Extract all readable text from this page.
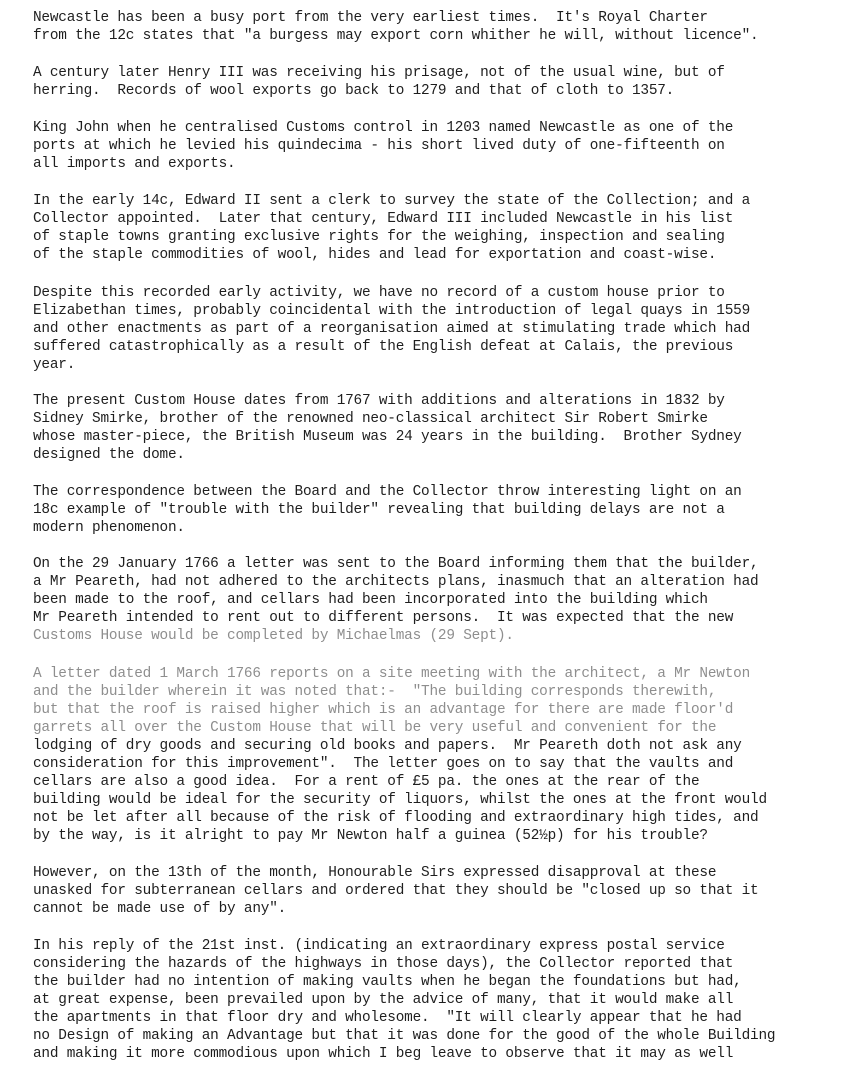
Newcastle has been a busy port from the very earliest times.  It's Royal Charter
from the 12c states that "a burgess may export corn whither he will, without licence".

A century later Henry III was receiving his prisage, not of the usual wine, but of
herring.  Records of wool exports go back to 1279 and that of cloth to 1357.

King John when he centralised Customs control in 1203 named Newcastle as one of the
ports at which he levied his quindecima - his short lived duty of one-fifteenth on
all imports and exports.

In the early 14c, Edward II sent a clerk to survey the state of the Collection; and a
Collector appointed.  Later that century, Edward III included Newcastle in his list
of staple towns granting exclusive rights for the weighing, inspection and sealing
of the staple commodities of wool, hides and lead for exportation and coast-wise.

Despite this recorded early activity, we have no record of a custom house prior to
Elizabethan times, probably coincidental with the introduction of legal quays in 1559
and other enactments as part of a reorganisation aimed at stimulating trade which had
suffered catastrophically as a result of the English defeat at Calais, the previous
year.

The present Custom House dates from 1767 with additions and alterations in 1832 by
Sidney Smirke, brother of the renowned neo-classical architect Sir Robert Smirke
whose master-piece, the British Museum was 24 years in the building.  Brother Sydney
designed the dome.

The correspondence between the Board and the Collector throw interesting light on an
18c example of "trouble with the builder" revealing that building delays are not a
modern phenomenon.

On the 29 January 1766 a letter was sent to the Board informing them that the builder,
a Mr Peareth, had not adhered to the architects plans, inasmuch that an alteration had
been made to the roof, and cellars had been incorporated into the building which
Mr Peareth intended to rent out to different persons.  It was expected that the new
Customs House would be completed by Michaelmas (29 Sept).

A letter dated 1 March 1766 reports on a site meeting with the architect, a Mr Newton
and the builder wherein it was noted that:-  "The building corresponds therewith,
but that the roof is raised higher which is an advantage for there are made floor'd
garrets all over the Custom House that will be very useful and convenient for the
lodging of dry goods and securing old books and papers.  Mr Peareth doth not ask any
consideration for this improvement".  The letter goes on to say that the vaults and
cellars are also a good idea.  For a rent of £5 pa. the ones at the rear of the
building would be ideal for the security of liquors, whilst the ones at the front would
not be let after all because of the risk of flooding and extraordinary high tides, and
by the way, is it alright to pay Mr Newton half a guinea (52½p) for his trouble?

However, on the 13th of the month, Honourable Sirs expressed disapproval at these
unasked for subterranean cellars and ordered that they should be "closed up so that it
cannot be made use of by any".

In his reply of the 21st inst. (indicating an extraordinary express postal service
considering the hazards of the highways in those days), the Collector reported that
the builder had no intention of making vaults when he began the foundations but had,
at great expense, been prevailed upon by the advice of many, that it would make all
the apartments in that floor dry and wholesome.  "It will clearly appear that he had
no Design of making an Advantage but that it was done for the good of the whole Building
and making it more commodious upon which I beg leave to observe that it may as well
